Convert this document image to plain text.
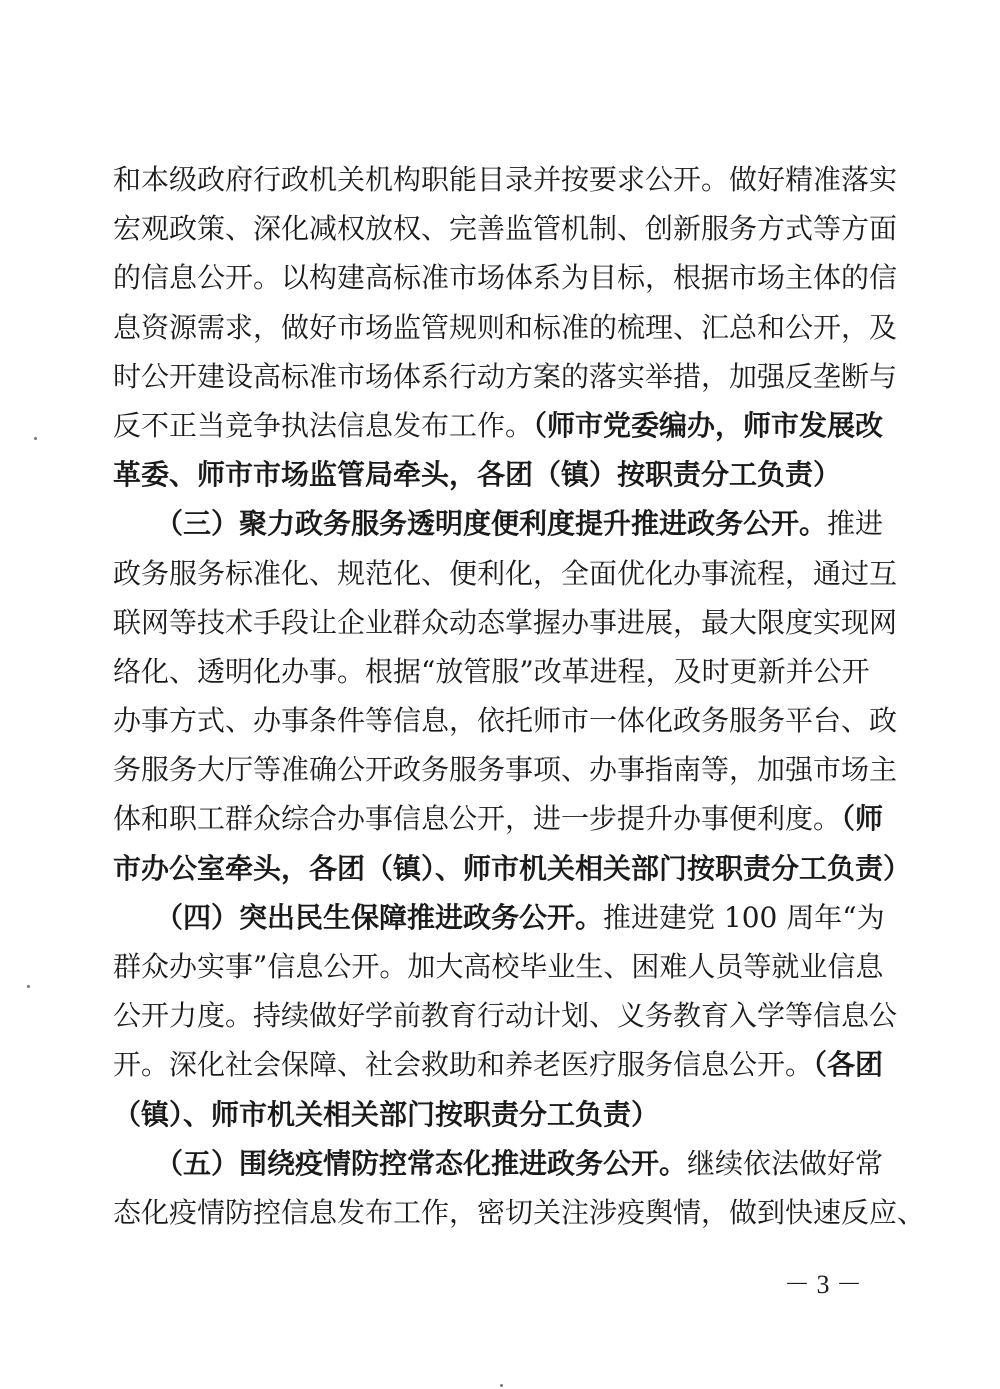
和本级政府行政机关机构职能目录并按要求公开。做好精准落实
宏观政策、深化减权放权、完善监管机制、创新服务方式等方面
的信息公开。以构建高标准市场体系为目标，根据市场主体的信
息资源需求，做好市场监管规则和标准的梳理、汇总和公开，及
时公开建设高标准市场体系行动方案的落实举措，加强反垄断与
反不正当竞争执法信息发布工作。（师市党委编办，师市发展改
革委、师市市场监管局牵头，各团（镇）按职责分工负责）
　　（三）聚力政务服务透明度便利度提升推进政务公开。推进
政务服务标准化、规范化、便利化，全面优化办事流程，通过互
联网等技术手段让企业群众动态掌握办事进展，最大限度实现网
络化、透明化办事。根据“放管服”改革进程，及时更新并公开
办事方式、办事条件等信息，依托师市一体化政务服务平台、政
务服务大厅等准确公开政务服务事项、办事指南等，加强市场主
体和职工群众综合办事信息公开，进一步提升办事便利度。（师
市办公室牵头，各团（镇）、师市机关相关部门按职责分工负责）
　　（四）突出民生保障推进政务公开。推进建党 100 周年“为
群众办实事”信息公开。加大高校毕业生、困难人员等就业信息
公开力度。持续做好学前教育行动计划、义务教育入学等信息公
开。深化社会保障、社会救助和养老医疗服务信息公开。（各团
（镇）、师市机关相关部门按职责分工负责）
　　（五）围绕疫情防控常态化推进政务公开。继续依法做好常
态化疫情防控信息发布工作，密切关注涉疫舆情，做到快速反应、
－ 3 －
